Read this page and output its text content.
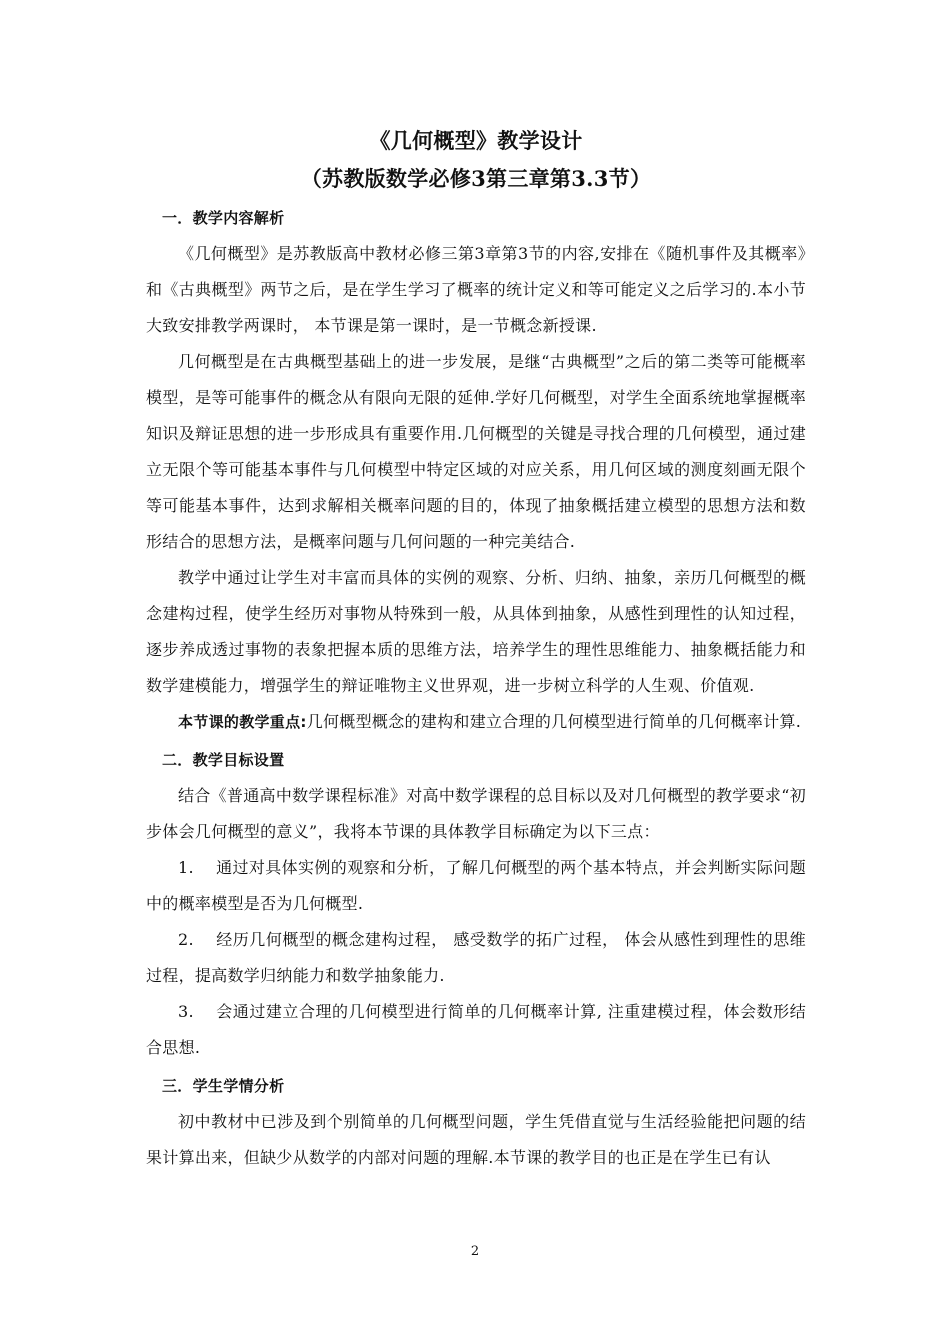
《几何概型》教学设计
（苏教版数学必修3第三章第3.3节）
一．教学内容解析

《几何概型》是苏教版高中教材必修三第3章第3节的内容,安排在《随机事件及其概率》和《古典概型》两节之后，是在学生学习了概率的统计定义和等可能定义之后学习的.本小节大致安排教学两课时， 本节课是第一课时，是一节概念新授课.

几何概型是在古典概型基础上的进一步发展，是继“古典概型”之后的第二类等可能概率模型，是等可能事件的概念从有限向无限的延伸.学好几何概型，对学生全面系统地掌握概率知识及辩证思想的进一步形成具有重要作用.几何概型的关键是寻找合理的几何模型，通过建立无限个等可能基本事件与几何模型中特定区域的对应关系，用几何区域的测度刻画无限个等可能基本事件，达到求解相关概率问题的目的，体现了抽象概括建立模型的思想方法和数形结合的思想方法，是概率问题与几何问题的一种完美结合.

教学中通过让学生对丰富而具体的实例的观察、分析、归纳、抽象，亲历几何概型的概念建构过程，使学生经历对事物从特殊到一般，从具体到抽象，从感性到理性的认知过程，逐步养成透过事物的表象把握本质的思维方法，培养学生的理性思维能力、抽象概括能力和数学建模能力，增强学生的辩证唯物主义世界观，进一步树立科学的人生观、价值观.

本节课的教学重点:几何概型概念的建构和建立合理的几何模型进行简单的几何概率计算.

二．教学目标设置

结合《普通高中数学课程标准》对高中数学课程的总目标以及对几何概型的教学要求“初步体会几何概型的意义”，我将本节课的具体教学目标确定为以下三点：

1. 通过对具体实例的观察和分析，了解几何概型的两个基本特点，并会判断实际问题中的概率模型是否为几何概型.
2. 经历几何概型的概念建构过程， 感受数学的拓广过程， 体会从感性到理性的思维过程，提高数学归纳能力和数学抽象能力.
3. 会通过建立合理的几何模型进行简单的几何概率计算, 注重建模过程，体会数形结合思想.
三．学生学情分析

初中教材中已涉及到个别简单的几何概型问题，学生凭借直觉与生活经验能把问题的结果计算出来，但缺少从数学的内部对问题的理解.本节课的教学目的也正是在学生已有认

2
